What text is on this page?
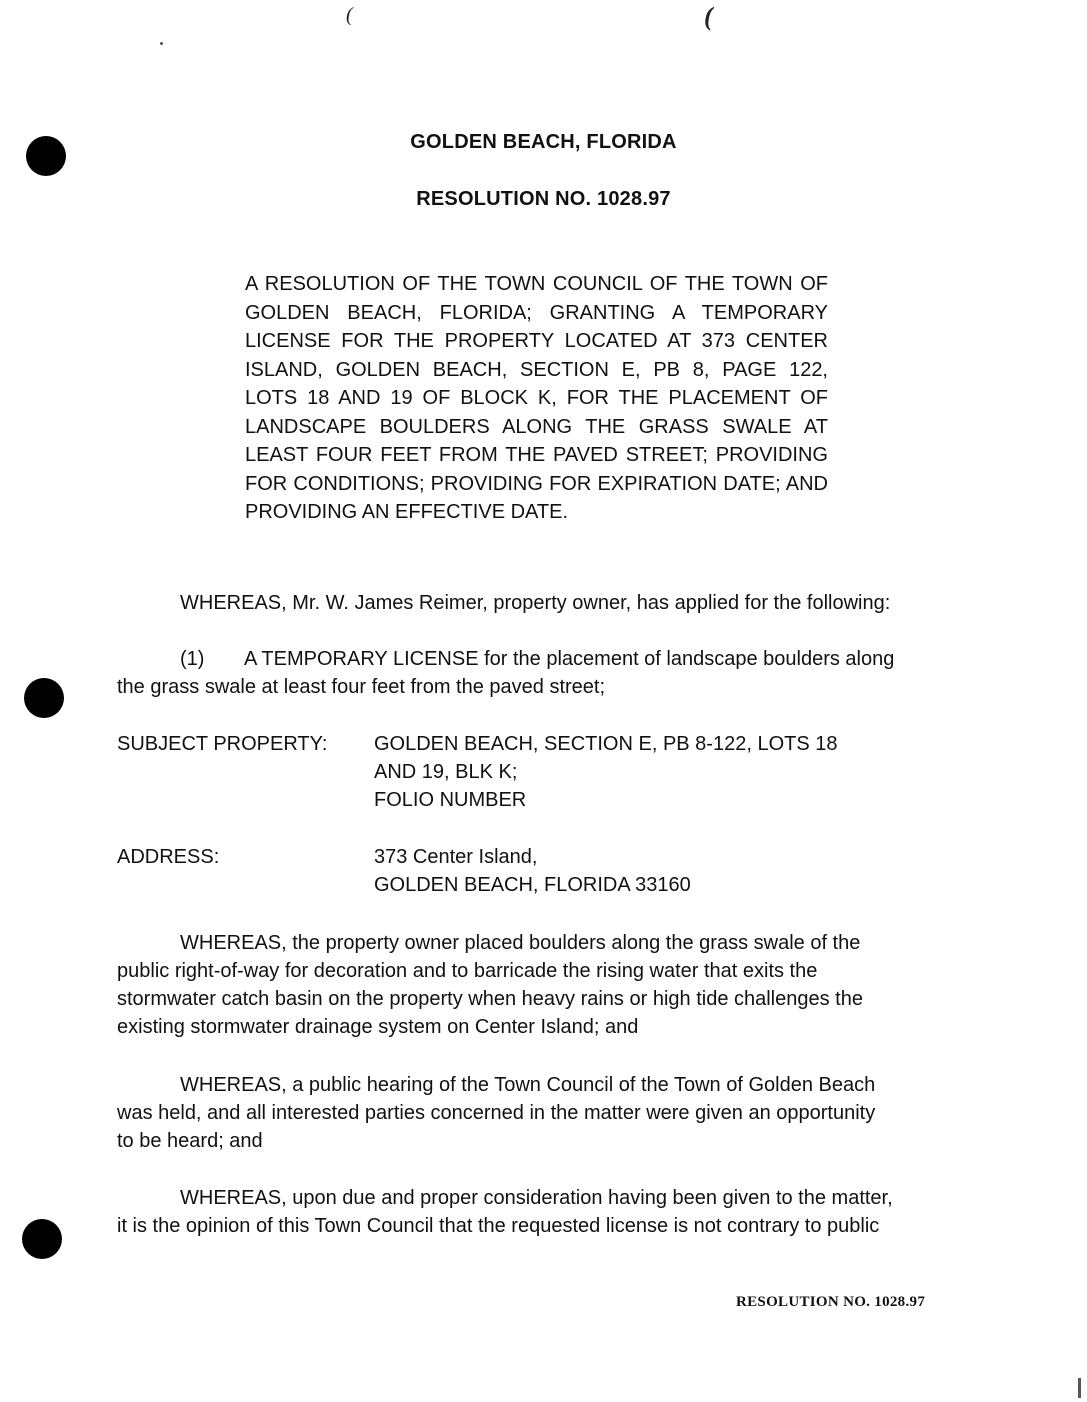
(	(
GOLDEN BEACH, FLORIDA
RESOLUTION NO. 1028.97
A RESOLUTION OF THE TOWN COUNCIL OF THE TOWN OF GOLDEN BEACH, FLORIDA; GRANTING A TEMPORARY LICENSE FOR THE PROPERTY LOCATED AT 373 CENTER ISLAND, GOLDEN BEACH, SECTION E, PB 8, PAGE 122, LOTS 18 AND 19 OF BLOCK K, FOR THE PLACEMENT OF LANDSCAPE BOULDERS ALONG THE GRASS SWALE AT LEAST FOUR FEET FROM THE PAVED STREET; PROVIDING FOR CONDITIONS; PROVIDING FOR EXPIRATION DATE; AND PROVIDING AN EFFECTIVE DATE.
WHEREAS, Mr. W. James Reimer, property owner, has applied for the following:
(1) A TEMPORARY LICENSE for the placement of landscape boulders along
the grass swale at least four feet from the paved street;
SUBJECT PROPERTY: GOLDEN BEACH, SECTION E, PB 8-122, LOTS 18
AND 19, BLK K;
FOLIO NUMBER
ADDRESS:	373 Center Island,
GOLDEN BEACH, FLORIDA 33160
WHEREAS, the property owner placed boulders along the grass swale of the
public right-of-way for decoration and to barricade the rising water that exits the
stormwater catch basin on the property when heavy rains or high tide challenges the
existing stormwater drainage system on Center Island; and
WHEREAS, a public hearing of the Town Council of the Town of Golden Beach
was held, and all interested parties concerned in the matter were given an opportunity
to be heard; and
WHEREAS, upon due and proper consideration having been given to the matter,
it is the opinion of this Town Council that the requested license is not contrary to public
RESOLUTION NO. 1028.97
